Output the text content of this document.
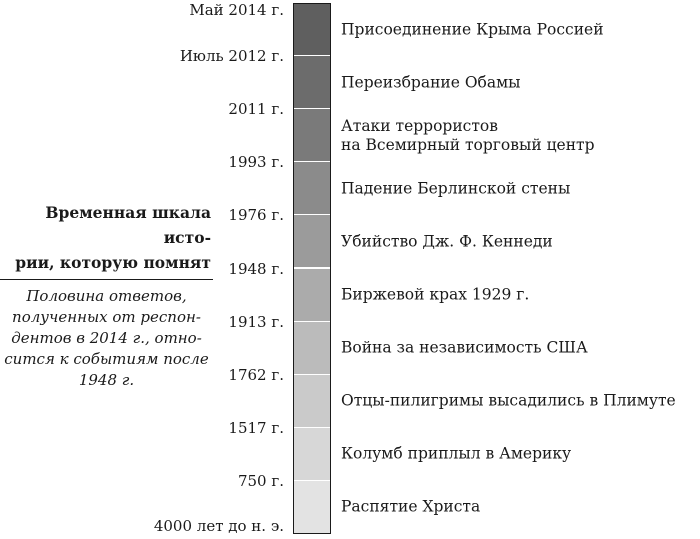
Временная шкала исто-
рии, которую помнят
Половина ответов,
полученных от респон-
дентов в 2014 г., отно-
сится к событиям после
1948 г.
Май 2014 г.
Июль 2012 г.
2011 г.
1993 г.
1976 г.
1948 г.
1913 г.
1762 г.
1517 г.
750 г.
4000 лет до н. э.
Присоединение Крыма Россией
Переизбрание Обамы
Атаки террористов
на Всемирный торговый центр
Падение Берлинской стены
Убийство Дж. Ф. Кеннеди
Биржевой крах 1929 г.
Война за независимость США
Отцы-пилигримы высадились в Плимуте
Колумб приплыл в Америку
Распятие Христа
